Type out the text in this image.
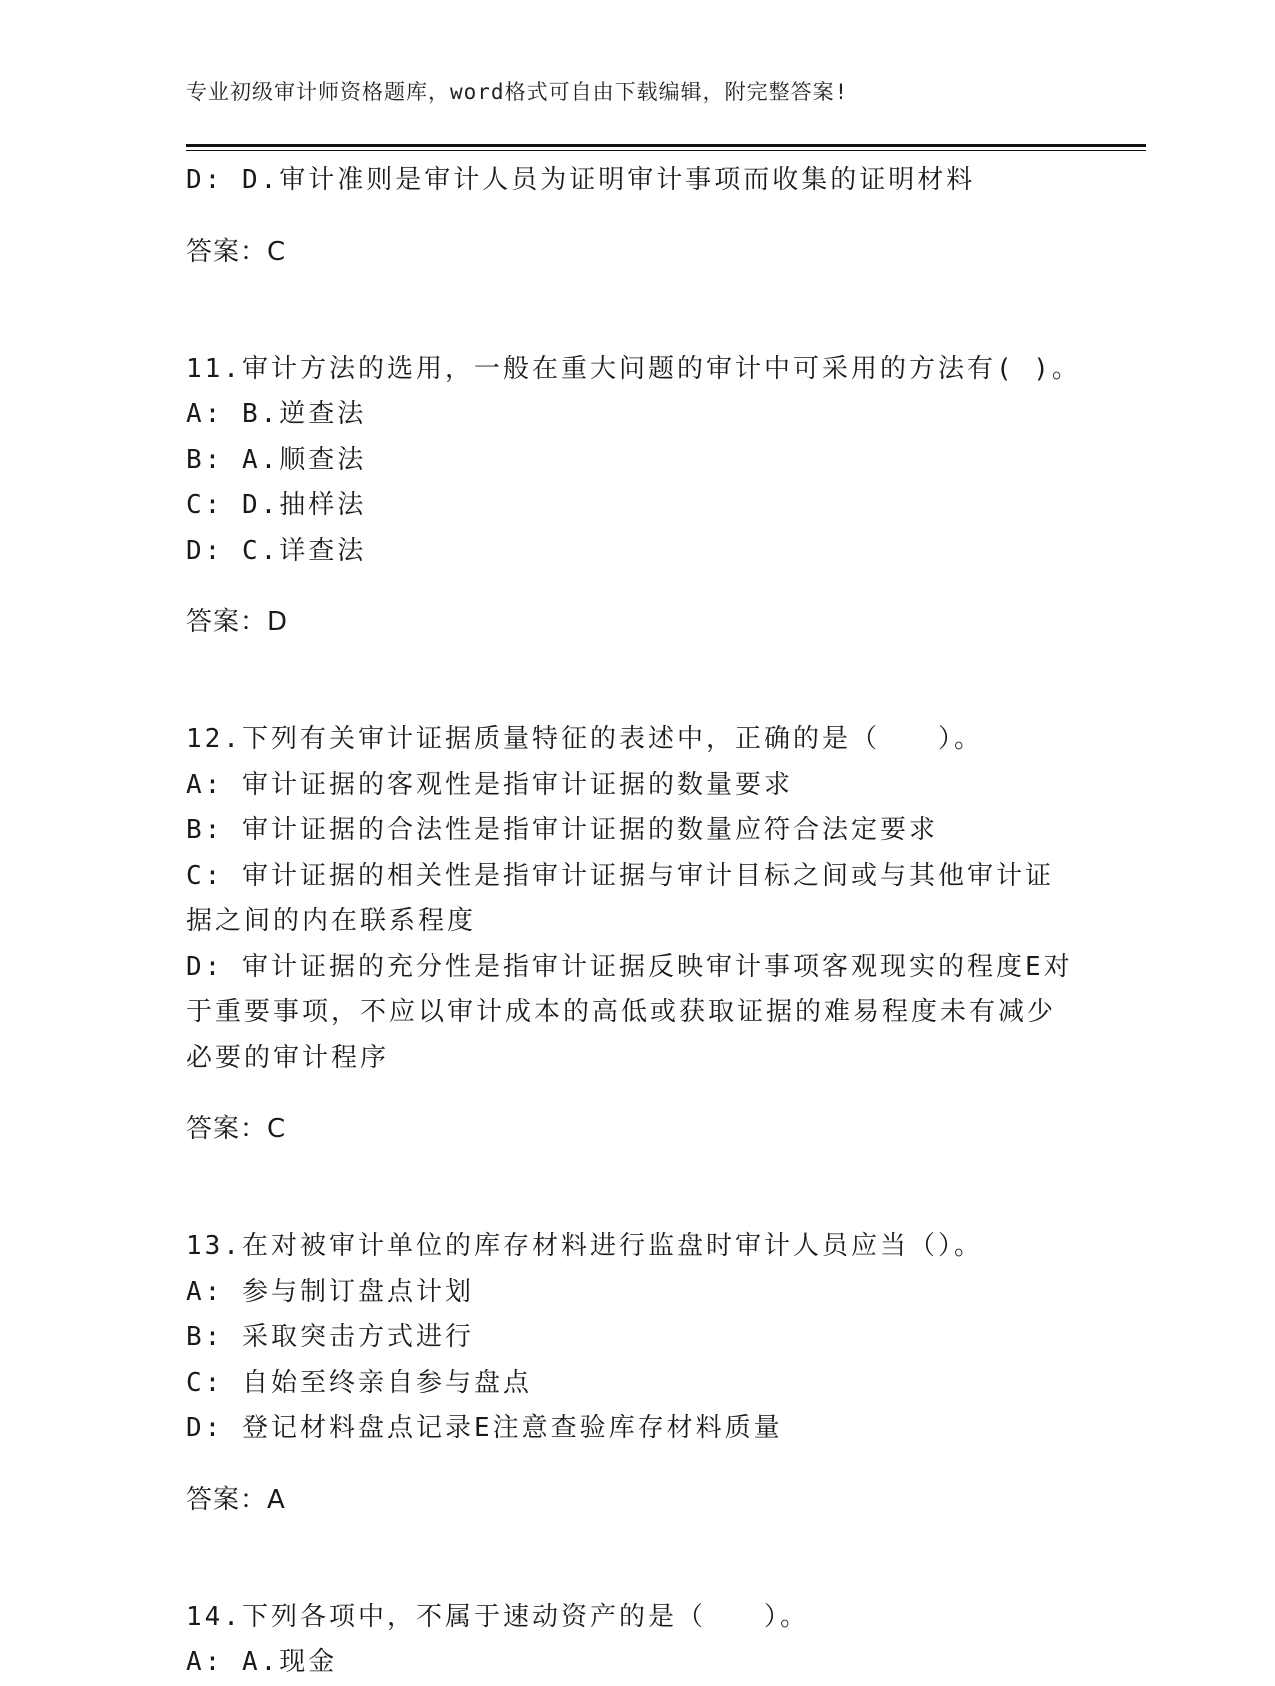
专业初级审计师资格题库，word格式可自由下载编辑，附完整答案!

D: D.审计准则是审计人员为证明审计事项而收集的证明材料

答案：C

11.审计方法的选用，一般在重大问题的审计中可采用的方法有( )。

A: B.逆查法

B: A.顺查法

C: D.抽样法

D: C.详查法

答案：D

12.下列有关审计证据质量特征的表述中，正确的是（　　）。

A: 审计证据的客观性是指审计证据的数量要求

B: 审计证据的合法性是指审计证据的数量应符合法定要求

C: 审计证据的相关性是指审计证据与审计目标之间或与其他审计证据之间的内在联系程度

D: 审计证据的充分性是指审计证据反映审计事项客观现实的程度E对于重要事项，不应以审计成本的高低或获取证据的难易程度未有减少必要的审计程序

答案：C

13.在对被审计单位的库存材料进行监盘时审计人员应当（）。

A: 参与制订盘点计划

B: 采取突击方式进行

C: 自始至终亲自参与盘点

D: 登记材料盘点记录E注意查验库存材料质量

答案：A

14.下列各项中，不属于速动资产的是（　　）。

A: A.现金
